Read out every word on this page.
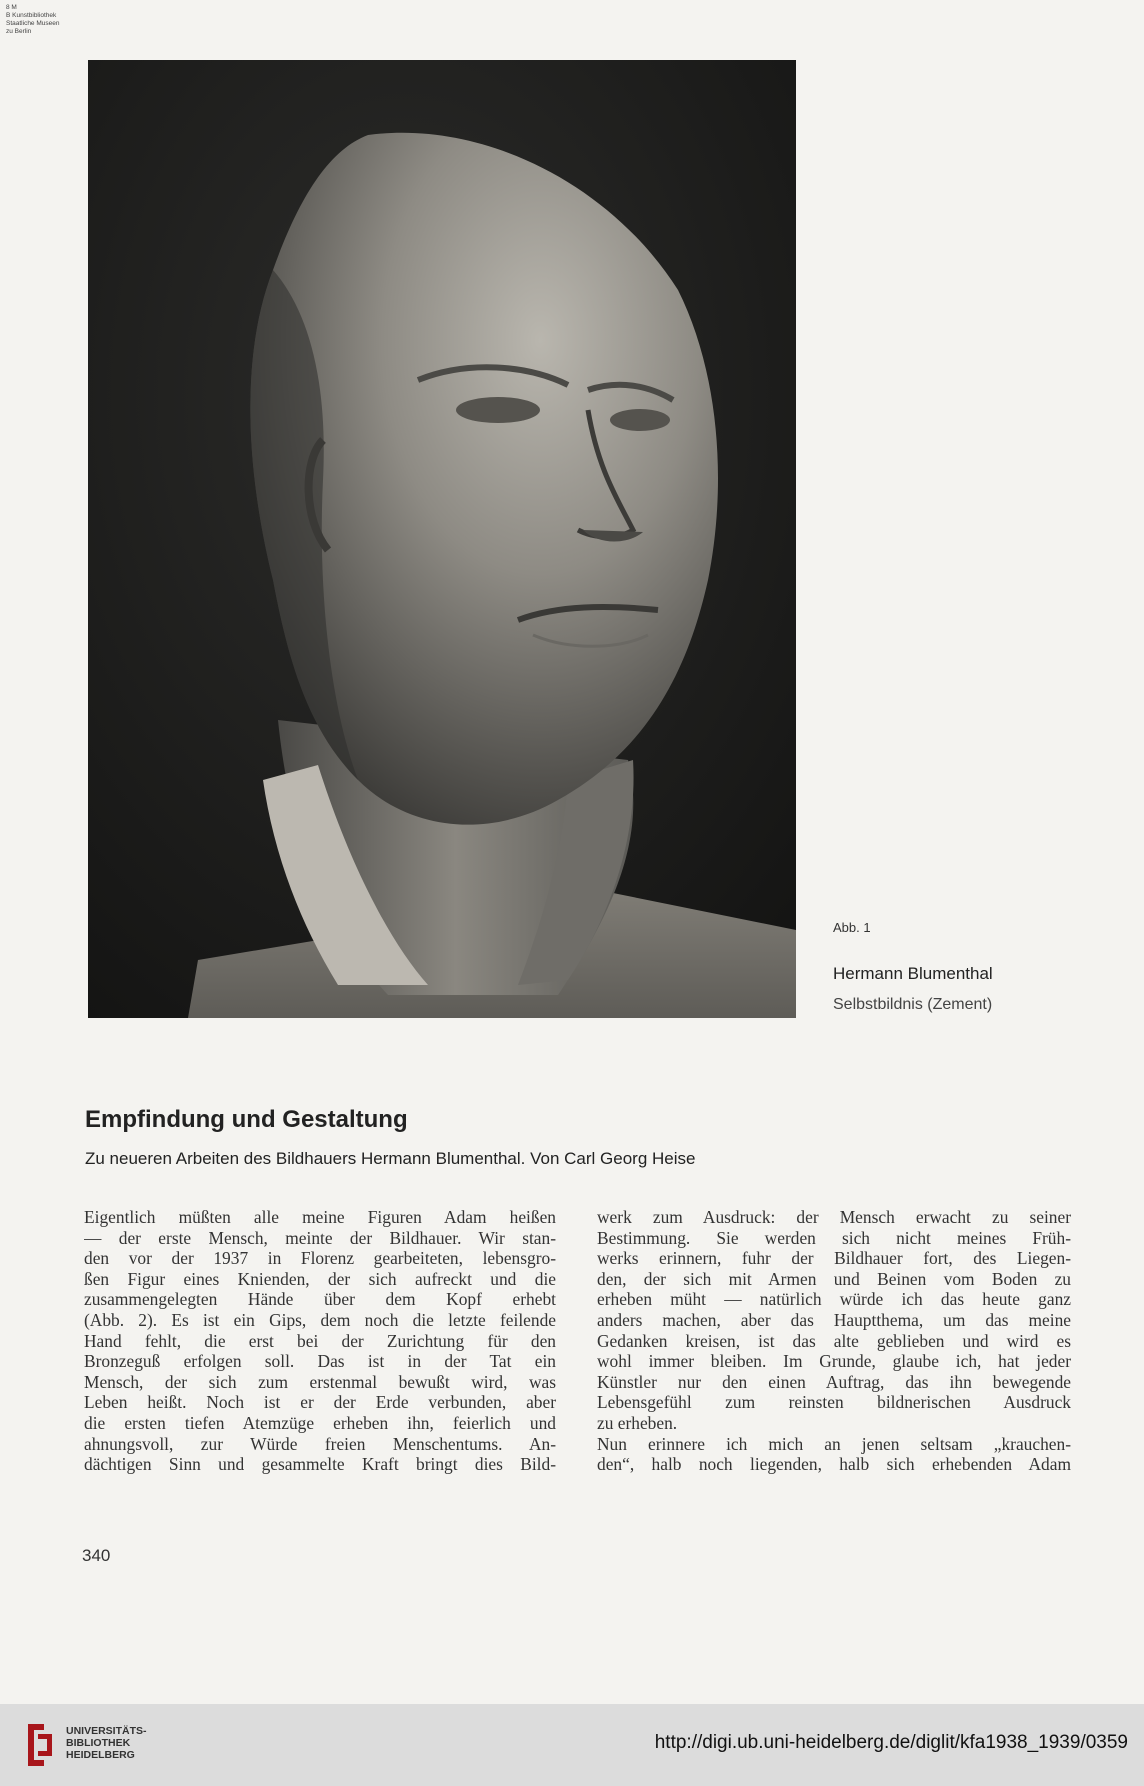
8 M
B Kunstbibliothek
Staatliche Museen
zu Berlin
Abb. 1
Hermann Blumenthal
Selbstbildnis (Zement)
Empfindung und Gestaltung
Zu neueren Arbeiten des Bildhauers Hermann Blumenthal. Von Carl Georg Heise
Eigentlich müßten alle meine Figuren Adam heißen
— der erste Mensch, meinte der Bildhauer. Wir stan-
den vor der 1937 in Florenz gearbeiteten, lebensgro-
ßen Figur eines Knienden, der sich aufreckt und die
zusammengelegten Hände über dem Kopf erhebt
(Abb. 2). Es ist ein Gips, dem noch die letzte feilende
Hand fehlt, die erst bei der Zurichtung für den
Bronzeguß erfolgen soll. Das ist in der Tat ein
Mensch, der sich zum erstenmal bewußt wird, was
Leben heißt. Noch ist er der Erde verbunden, aber
die ersten tiefen Atemzüge erheben ihn, feierlich und
ahnungsvoll, zur Würde freien Menschentums. An-
dächtigen Sinn und gesammelte Kraft bringt dies Bild-
werk zum Ausdruck: der Mensch erwacht zu seiner
Bestimmung. Sie werden sich nicht meines Früh-
werks erinnern, fuhr der Bildhauer fort, des Liegen-
den, der sich mit Armen und Beinen vom Boden zu
erheben müht — natürlich würde ich das heute ganz
anders machen, aber das Hauptthema, um das meine
Gedanken kreisen, ist das alte geblieben und wird es
wohl immer bleiben. Im Grunde, glaube ich, hat jeder
Künstler nur den einen Auftrag, das ihn bewegende
Lebensgefühl zum reinsten bildnerischen Ausdruck
zu erheben.
Nun erinnere ich mich an jenen seltsam „krauchen-
den“, halb noch liegenden, halb sich erhebenden Adam
340
UNIVERSITÄTS-
BIBLIOTHEK
HEIDELBERG
http://digi.ub.uni-heidelberg.de/diglit/kfa1938_1939/0359
